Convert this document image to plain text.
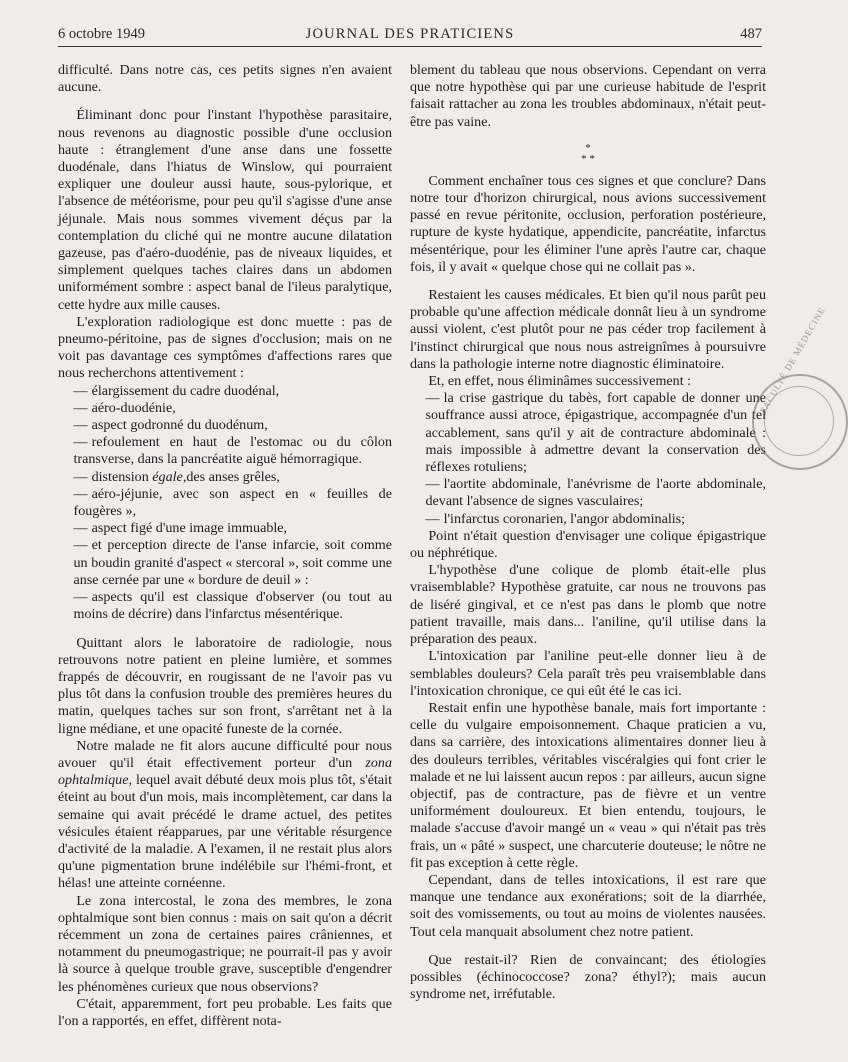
6 octobre 1949	JOURNAL DES PRATICIENS	487

difficulté. Dans notre cas, ces petits signes n'en avaient aucune.

Éliminant donc pour l'instant l'hypothèse parasitaire, nous revenons au diagnostic possible d'une occlusion haute : étranglement d'une anse dans une fossette duodénale, dans l'hiatus de Winslow, qui pourraient expliquer une douleur aussi haute, sous-pylorique, et l'absence de météorisme, pour peu qu'il s'agisse d'une anse jéjunale. Mais nous sommes vivement déçus par la contemplation du cliché qui ne montre aucune dilatation gazeuse, pas d'aéro-duodénie, pas de niveaux liquides, et simplement quelques taches claires dans un abdomen uniformément sombre : aspect banal de l'ileus paralytique, cette hydre aux mille causes.

L'exploration radiologique est donc muette : pas de pneumo-péritoine, pas de signes d'occlusion; mais on ne voit pas davantage ces symptômes d'affections rares que nous recherchons attentivement :

— élargissement du cadre duodénal,

— aéro-duodénie,

— aspect godronné du duodénum,

— refoulement en haut de l'estomac ou du côlon transverse, dans la pancréatite aiguë hémorragique.

— distension égale,des anses grêles,

— aéro-jéjunie, avec son aspect en « feuilles de fougères »,

— aspect figé d'une image immuable,

— et perception directe de l'anse infarcie, soit comme un boudin granité d'aspect « stercoral », soit comme une anse cernée par une « bordure de deuil » :

— aspects qu'il est classique d'observer (ou tout au moins de décrire) dans l'infarctus mésentérique.

Quittant alors le laboratoire de radiologie, nous retrouvons notre patient en pleine lumière, et sommes frappés de découvrir, en rougissant de ne l'avoir pas vu plus tôt dans la confusion trouble des premières heures du matin, quelques taches sur son front, s'arrêtant net à la ligne médiane, et une opacité funeste de la cornée.

Notre malade ne fit alors aucune difficulté pour nous avouer qu'il était effectivement porteur d'un zona ophtalmique, lequel avait débuté deux mois plus tôt, s'était éteint au bout d'un mois, mais incomplètement, car dans la semaine qui avait précédé le drame actuel, des petites vésicules étaient réapparues, par une véritable résurgence d'activité de la maladie. A l'examen, il ne restait plus alors qu'une pigmentation brune indélébile sur l'hémi-front, et hélas! une atteinte cornéenne.

Le zona intercostal, le zona des membres, le zona ophtalmique sont bien connus : mais on sait qu'on a décrit récemment un zona de certaines paires crâniennes, et notamment du pneumogastrique; ne pourrait-il pas y avoir là source à quelque trouble grave, susceptible d'engendrer les phénomènes curieux que nous observions?

C'était, apparemment, fort peu probable. Les faits que l'on a rapportés, en effet, diffèrent nota-

blement du tableau que nous observions. Cependant on verra que notre hypothèse qui par une curieuse habitude de l'esprit faisait rattacher au zona les troubles abdominaux, n'était peut-être pas vaine.

*
* *

Comment enchaîner tous ces signes et que conclure? Dans notre tour d'horizon chirurgical, nous avions successivement passé en revue péritonite, occlusion, perforation postérieure, rupture de kyste hydatique, appendicite, pancréatite, infarctus mésentérique, pour les éliminer l'une après l'autre car, chaque fois, il y avait « quelque chose qui ne collait pas ».

Restaient les causes médicales. Et bien qu'il nous parût peu probable qu'une affection médicale donnât lieu à un syndrome aussi violent, c'est plutôt pour ne pas céder trop facilement à l'instinct chirurgical que nous nous astreignîmes à poursuivre dans la pathologie interne notre diagnostic éliminatoire.

Et, en effet, nous éliminâmes successivement :

— la crise gastrique du tabès, fort capable de donner une souffrance aussi atroce, épigastrique, accompagnée d'un tel accablement, sans qu'il y ait de contracture abdominale : mais impossible à admettre devant la conservation des réflexes rotuliens;

— l'aortite abdominale, l'anévrisme de l'aorte abdominale, devant l'absence de signes vasculaires;

— l'infarctus coronarien, l'angor abdominalis;

Point n'était question d'envisager une colique épigastrique ou néphrétique.

L'hypothèse d'une colique de plomb était-elle plus vraisemblable? Hypothèse gratuite, car nous ne trouvons pas de liséré gingival, et ce n'est pas dans le plomb que notre patient travaille, mais dans... l'aniline, qu'il utilise dans la préparation des peaux.

L'intoxication par l'aniline peut-elle donner lieu à de semblables douleurs? Cela paraît très peu vraisemblable dans l'intoxication chronique, ce qui eût été le cas ici.

Restait enfin une hypothèse banale, mais fort importante : celle du vulgaire empoisonnement. Chaque praticien a vu, dans sa carrière, des intoxications alimentaires donner lieu à des douleurs terribles, véritables viscéralgies qui font crier le malade et ne lui laissent aucun repos : par ailleurs, aucun signe objectif, pas de contracture, pas de fièvre et un ventre uniformément douloureux. Et bien entendu, toujours, le malade s'accuse d'avoir mangé un « veau » qui n'était pas très frais, un « pâté » suspect, une charcuterie douteuse; le nôtre ne fit pas exception à cette règle.

Cependant, dans de telles intoxications, il est rare que manque une tendance aux exonérations; soit de la diarrhée, soit des vomissements, ou tout au moins de violentes nausées. Tout cela manquait absolument chez notre patient.

Que restait-il? Rien de convaincant; des étiologies possibles (échinococcose? zona? éthyl?); mais aucun syndrome net, irréfutable.

FACULTÉ DE MÉDECINE
